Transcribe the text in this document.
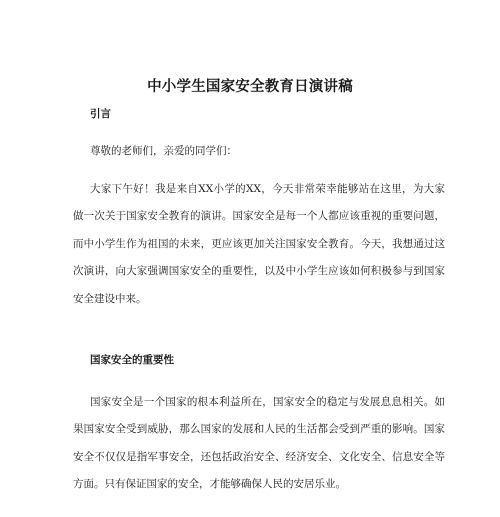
中小学生国家安全教育日演讲稿
引言
尊敬的老师们，亲爱的同学们：

大家下午好！我是来自XX小学的XX，今天非常荣幸能够站在这里，为大家做一次关于国家安全教育的演讲。国家安全是每一个人都应该重视的重要问题，而中小学生作为祖国的未来，更应该更加关注国家安全教育。今天，我想通过这次演讲，向大家强调国家安全的重要性，以及中小学生应该如何积极参与到国家安全建设中来。

国家安全的重要性

国家安全是一个国家的根本利益所在，国家安全的稳定与发展息息相关。如果国家安全受到威胁，那么国家的发展和人民的生活都会受到严重的影响。国家安全不仅仅是指军事安全，还包括政治安全、经济安全、文化安全、信息安全等方面。只有保证国家的安全，才能够确保人民的安居乐业。
